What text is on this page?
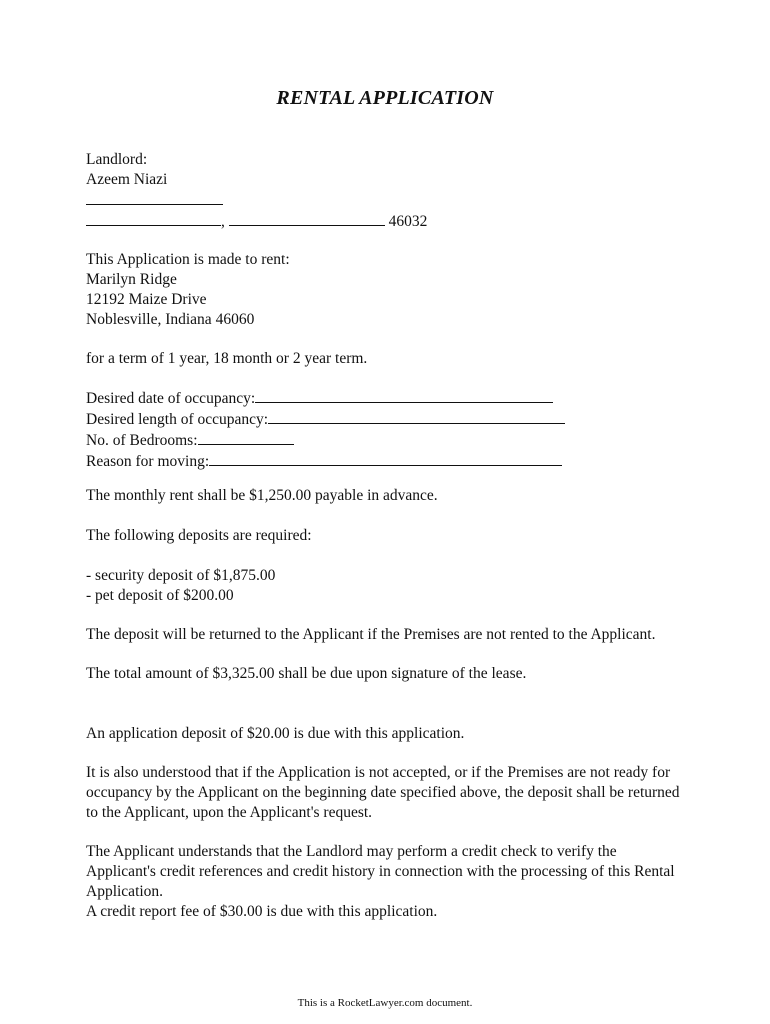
RENTAL APPLICATION
Landlord:
Azeem Niazi
,	46032
This Application is made to rent:
Marilyn Ridge
12192 Maize Drive
Noblesville, Indiana 46060
for a term of 1 year, 18 month or 2 year term.
Desired date of occupancy:
Desired length of occupancy:
No. of Bedrooms:
Reason for moving:
The monthly rent shall be $1,250.00 payable in advance.
The following deposits are required:
- security deposit of $1,875.00
- pet deposit of $200.00
The deposit will be returned to the Applicant if the Premises are not rented to the Applicant.
The total amount of $3,325.00 shall be due upon signature of the lease.
An application deposit of $20.00 is due with this application.
It is also understood that if the Application is not accepted, or if the Premises are not ready for occupancy by the Applicant on the beginning date specified above, the deposit shall be returned to the Applicant, upon the Applicant's request.
The Applicant understands that the Landlord may perform a credit check to verify the Applicant's credit references and credit history in connection with the processing of this Rental Application.
A credit report fee of $30.00 is due with this application.
This is a RocketLawyer.com document.
